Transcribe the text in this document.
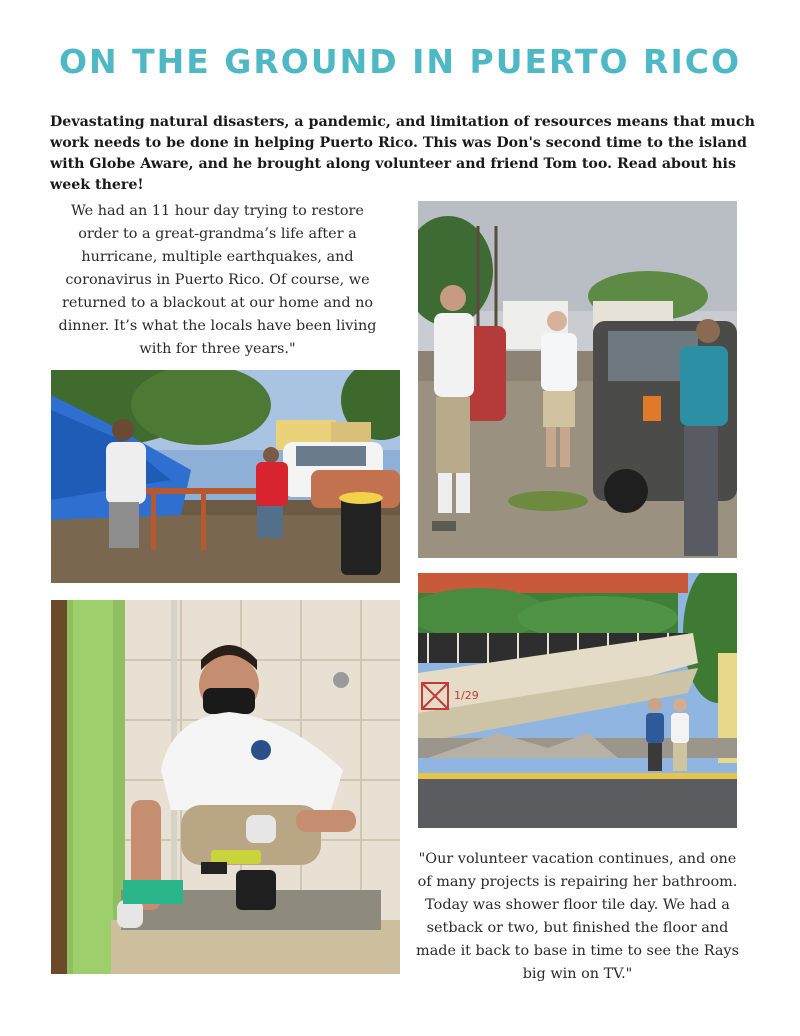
ON THE GROUND IN PUERTO RICO

Devastating natural disasters, a pandemic, and limitation of resources means that much work needs to be done in helping Puerto Rico. This was Don's second time to the island with Globe Aware, and he brought along volunteer and friend Tom too. Read about his week there!

We had an 11 hour day trying to restore order to a great-grandma’s life after a hurricane, multiple earthquakes, and coronavirus in Puerto Rico. Of course, we returned to a blackout at our home and no dinner. It’s what the locals have been living with for three years."

1/29

"Our volunteer vacation continues, and one of many projects is repairing her bathroom. Today was shower floor tile day. We had a setback or two, but finished the floor and made it back to base in time to see the Rays big win on TV."
